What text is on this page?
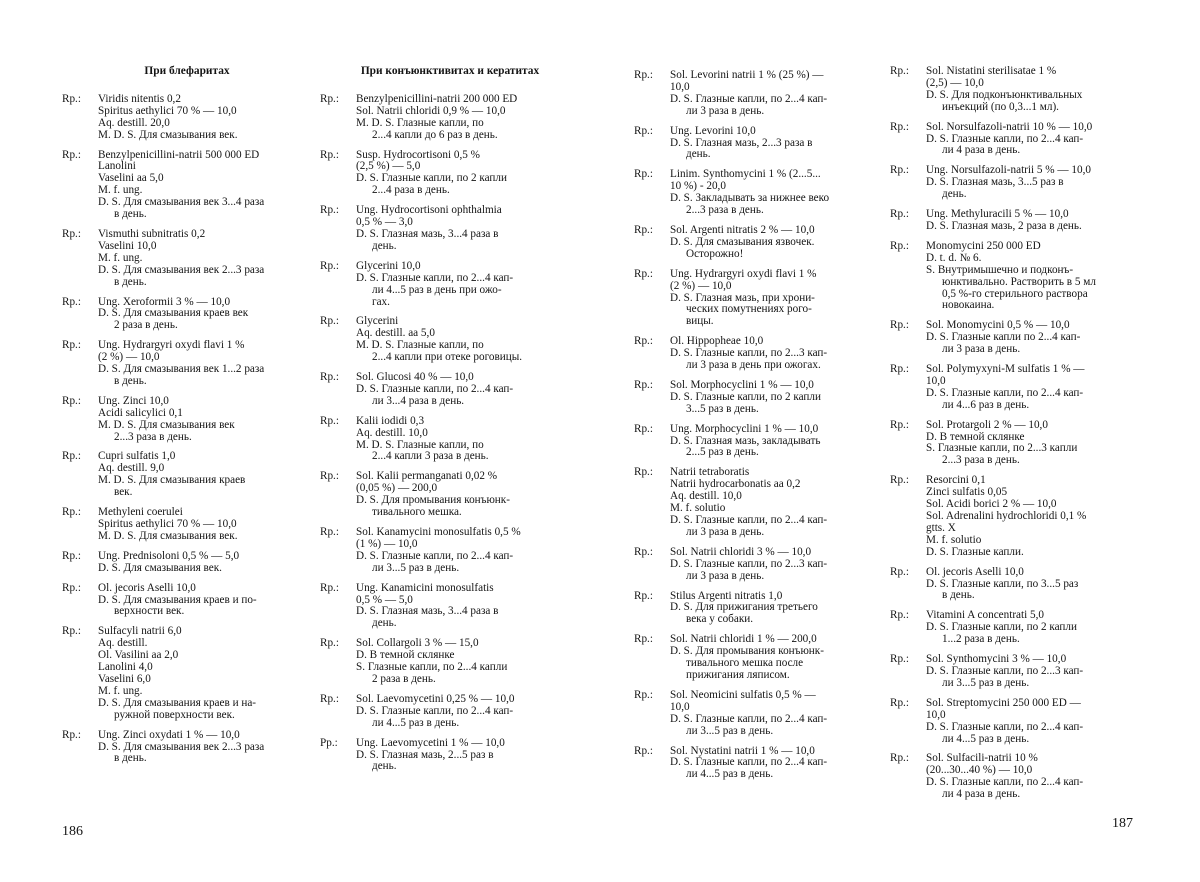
При блефаритах
Rp.: Viridis nitentis 0,2
Spiritus aethylici 70 % — 10,0
Aq. destill. 20,0
M. D. S. Для смазывания век.
Rp.: Benzylpenicillini-natrii 500 000 ED
Lanolini
Vaselini aa 5,0
M. f. ung.
D. S. Для смазывания век 3...4 раза
в день.
Rp.: Vismuthi subnitratis 0,2
Vaselini 10,0
M. f. ung.
D. S. Для смазывания век 2...3 раза
в день.
Rp.: Ung. Xeroformii 3 % — 10,0
D. S. Для смазывания краев век
2 раза в день.
Rp.: Ung. Hydrargyri oxydi flavi 1 %
(2 %) — 10,0
D. S. Для смазывания век 1...2 раза
в день.
Rp.: Ung. Zinci 10,0
Acidi salicylici 0,1
M. D. S. Для смазывания век
2...3 раза в день.
Rp.: Cupri sulfatis 1,0
Aq. destill. 9,0
M. D. S. Для смазывания краев
век.
Rp.: Methyleni coerulei
Spiritus aethylici 70 % — 10,0
M. D. S. Для смазывания век.
Rp.: Ung. Prednisoloni 0,5 % — 5,0
D. S. Для смазывания век.
Rp.: Ol. jecoris Aselli 10,0
D. S. Для смазывания краев и по-
верхности век.
Rp.: Sulfacyli natrii 6,0
Aq. destill.
Ol. Vasilini aa 2,0
Lanolini 4,0
Vaselini 6,0
M. f. ung.
D. S. Для смазывания краев и на-
ружной поверхности век.
Rp.: Ung. Zinci oxydati 1 % — 10,0
D. S. Для смазывания век 2...3 раза
в день.
При конъюнктивитах и кератитах
Rp.: Benzylpenicillini-natrii 200 000 ED
Sol. Natrii chloridi 0,9 % — 10,0
M. D. S. Глазные капли, по
2...4 капли до 6 раз в день.
Rp.: Susp. Hydrocortisoni 0,5 %
(2,5 %) — 5,0
D. S. Глазные капли, по 2 капли
2...4 раза в день.
Rp.: Ung. Hydrocortisoni ophthalmia
0,5 % — 3,0
D. S. Глазная мазь, 3...4 раза в
день.
Rp.: Glycerini 10,0
D. S. Глазные капли, по 2...4 кап-
ли 4...5 раз в день при ожо-
гах.
Rp.: Glycerini
Aq. destill. aa 5,0
M. D. S. Глазные капли, по
2...4 капли при отеке роговицы.
Rp.: Sol. Glucosi 40 % — 10,0
D. S. Глазные капли, по 2...4 кап-
ли 3...4 раза в день.
Rp.: Kalii iodidi 0,3
Aq. destill. 10,0
M. D. S. Глазные капли, по
2...4 капли 3 раза в день.
Rp.: Sol. Kalii permanganati 0,02 %
(0,05 %) — 200,0
D. S. Для промывания конъюнк-
тивального мешка.
Rp.: Sol. Kanamycini monosulfatis 0,5 %
(1 %) — 10,0
D. S. Глазные капли, по 2...4 кап-
ли 3...5 раз в день.
Rp.: Ung. Kanamicini monosulfatis
0,5 % — 5,0
D. S. Глазная мазь, 3...4 раза в
день.
Rp.: Sol. Collargoli 3 % — 15,0
D. В темной склянке
S. Глазные капли, по 2...4 капли
2 раза в день.
Rp.: Sol. Laevomycetini 0,25 % — 10,0
D. S. Глазные капли, по 2...4 кап-
ли 4...5 раз в день.
Рр.: Ung. Laevomycetini 1 % — 10,0
D. S. Глазная мазь, 2...5 раз в
день.
186
Rp.: Sol. Levorini natrii 1 % (25 %) —
10,0
D. S. Глазные капли, по 2...4 кап-
ли 3 раза в день.
Rp.: Ung. Levorini 10,0
D. S. Глазная мазь, 2...3 раза в
день.
Rp.: Linim. Synthomycini 1 % (2...5...
10 %) - 20,0
D. S. Закладывать за нижнее веко
2...3 раза в день.
Rp.: Sol. Argenti nitratis 2 % — 10,0
D. S. Для смазывания язвочек.
Осторожно!
Rp.: Ung. Hydrargyri oxydi flavi 1 %
(2 %) — 10,0
D. S. Глазная мазь, при хрони-
ческих помутнениях рого-
вицы.
Rp.: Ol. Hippopheae 10,0
D. S. Глазные капли, по 2...3 кап-
ли 3 раза в день при ожогах.
Rp.: Sol. Morphocyclini 1 % — 10,0
D. S. Глазные капли, по 2 капли
3...5 раз в день.
Rp.: Ung. Morphocyclini 1 % — 10,0
D. S. Глазная мазь, закладывать
2...5 раз в день.
Rp.: Natrii tetraboratis
Natrii hydrocarbonatis aa 0,2
Aq. destill. 10,0
M. f. solutio
D. S. Глазные капли, по 2...4 кап-
ли 3 раза в день.
Rp.: Sol. Natrii chloridi 3 % — 10,0
D. S. Глазные капли, по 2...3 кап-
ли 3 раза в день.
Rp.: Stilus Argenti nitratis 1,0
D. S. Для прижигания третьего
века у собаки.
Rp.: Sol. Natrii chloridi 1 % — 200,0
D. S. Для промывания конъюнк-
тивального мешка после
прижигания ляписом.
Rp.: Sol. Neomicini sulfatis 0,5 % —
10,0
D. S. Глазные капли, по 2...4 кап-
ли 3...5 раз в день.
Rp.: Sol. Nystatini natrii 1 % — 10,0
D. S. Глазные капли, по 2...4 кап-
ли 4...5 раз в день.
Rp.: Sol. Nistatini sterilisatae 1 %
(2,5) — 10,0
D. S. Для подконъюнктивальных
инъекций (по 0,3...1 мл).
Rp.: Sol. Norsulfazoli-natrii 10 % — 10,0
D. S. Глазные капли, по 2...4 кап-
ли 4 раза в день.
Rp.: Ung. Norsulfazoli-natrii 5 % — 10,0
D. S. Глазная мазь, 3...5 раз в
день.
Rp.: Ung. Methyluracili 5 % — 10,0
D. S. Глазная мазь, 2 раза в день.
Rp.: Monomycini 250 000 ED
D. t. d. № 6.
S. Внутримышечно и подконъ-
юнктивально. Растворить в 5 мл
0,5 %-го стерильного раствора
новокаина.
Rp.: Sol. Monomycini 0,5 % — 10,0
D. S. Глазные капли по 2...4 кап-
ли 3 раза в день.
Rp.: Sol. Polymyxyni-M sulfatis 1 % —
10,0
D. S. Глазные капли, по 2...4 кап-
ли 4...6 раз в день.
Rp.: Sol. Protargoli 2 % — 10,0
D. В темной склянке
S. Глазные капли, по 2...3 капли
2...3 раза в день.
Rp.: Resorcini 0,1
Zinci sulfatis 0,05
Sol. Acidi borici 2 % — 10,0
Sol. Adrenalini hydrochloridi 0,1 %
gtts. X
M. f. solutio
D. S. Глазные капли.
Rp.: Ol. jecoris Aselli 10,0
D. S. Глазные капли, по 3...5 раз
в день.
Rp.: Vitamini A concentrati 5,0
D. S. Глазные капли, по 2 капли
1...2 раза в день.
Rp.: Sol. Synthomycini 3 % — 10,0
D. S. Глазные капли, по 2...3 кап-
ли 3...5 раз в день.
Rp.: Sol. Streptomycini 250 000 ED —
10,0
D. S. Глазные капли, по 2...4 кап-
ли 4...5 раз в день.
Rp.: Sol. Sulfacili-natrii 10 %
(20...30...40 %) — 10,0
D. S. Глазные капли, по 2...4 кап-
ли 4 раза в день.
187
